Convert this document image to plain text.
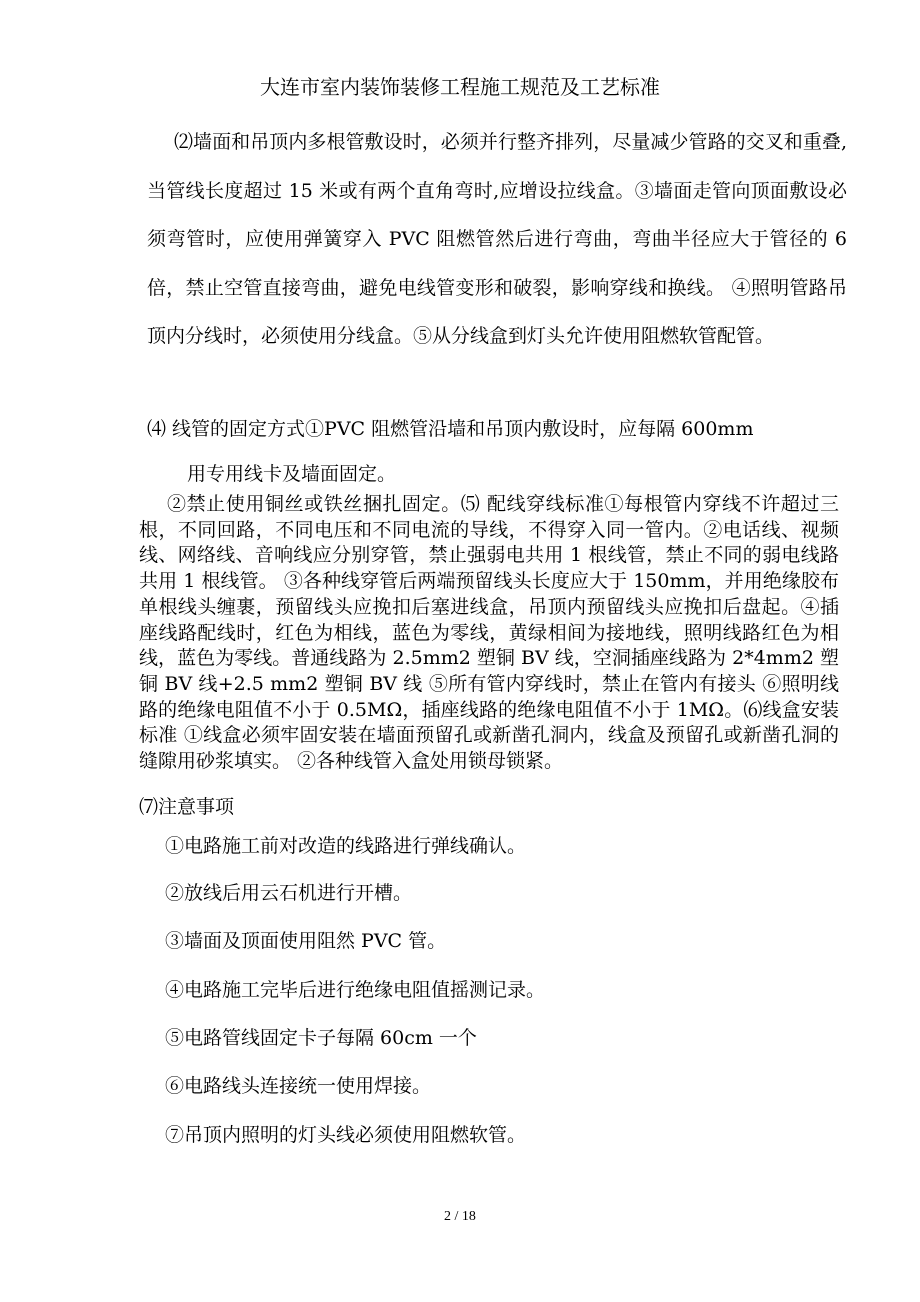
大连市室内装饰装修工程施工规范及工艺标准
⑵墙面和吊顶内多根管敷设时，必须并行整齐排列，尽量减少管路的交叉和重叠,当管线长度超过 15 米或有两个直角弯时,应增设拉线盒。③墙面走管向顶面敷设必须弯管时，应使用弹簧穿入 PVC 阻燃管然后进行弯曲，弯曲半径应大于管径的 6 倍，禁止空管直接弯曲，避免电线管变形和破裂，影响穿线和换线。 ④照明管路吊顶内分线时，必须使用分线盒。⑤从分线盒到灯头允许使用阻燃软管配管。
⑷ 线管的固定方式①PVC 阻燃管沿墙和吊顶内敷设时，应每隔 600mm
用专用线卡及墙面固定。
②禁止使用铜丝或铁丝捆扎固定。⑸ 配线穿线标准①每根管内穿线不许超过三根，不同回路，不同电压和不同电流的导线，不得穿入同一管内。②电话线、视频线、网络线、音响线应分别穿管，禁止强弱电共用 1 根线管，禁止不同的弱电线路共用 1 根线管。 ③各种线穿管后两端预留线头长度应大于 150mm，并用绝缘胶布单根线头缠裹，预留线头应挽扣后塞进线盒，吊顶内预留线头应挽扣后盘起。④插座线路配线时，红色为相线，蓝色为零线，黄绿相间为接地线，照明线路红色为相线，蓝色为零线。普通线路为 2.5mm2 塑铜 BV 线，空洞插座线路为 2*4mm2 塑铜 BV 线+2.5 mm2 塑铜 BV 线 ⑤所有管内穿线时，禁止在管内有接头 ⑥照明线路的绝缘电阻值不小于 0.5MΩ，插座线路的绝缘电阻值不小于 1MΩ。⑹线盒安装标准 ①线盒必须牢固安装在墙面预留孔或新凿孔洞内，线盒及预留孔或新凿孔洞的缝隙用砂浆填实。 ②各种线管入盒处用锁母锁紧。
⑺注意事项
①电路施工前对改造的线路进行弹线确认。
②放线后用云石机进行开槽。
③墙面及顶面使用阻然 PVC 管。
④电路施工完毕后进行绝缘电阻值摇测记录。
⑤电路管线固定卡子每隔 60cm 一个
⑥电路线头连接统一使用焊接。
⑦吊顶内照明的灯头线必须使用阻燃软管。
2 / 18
